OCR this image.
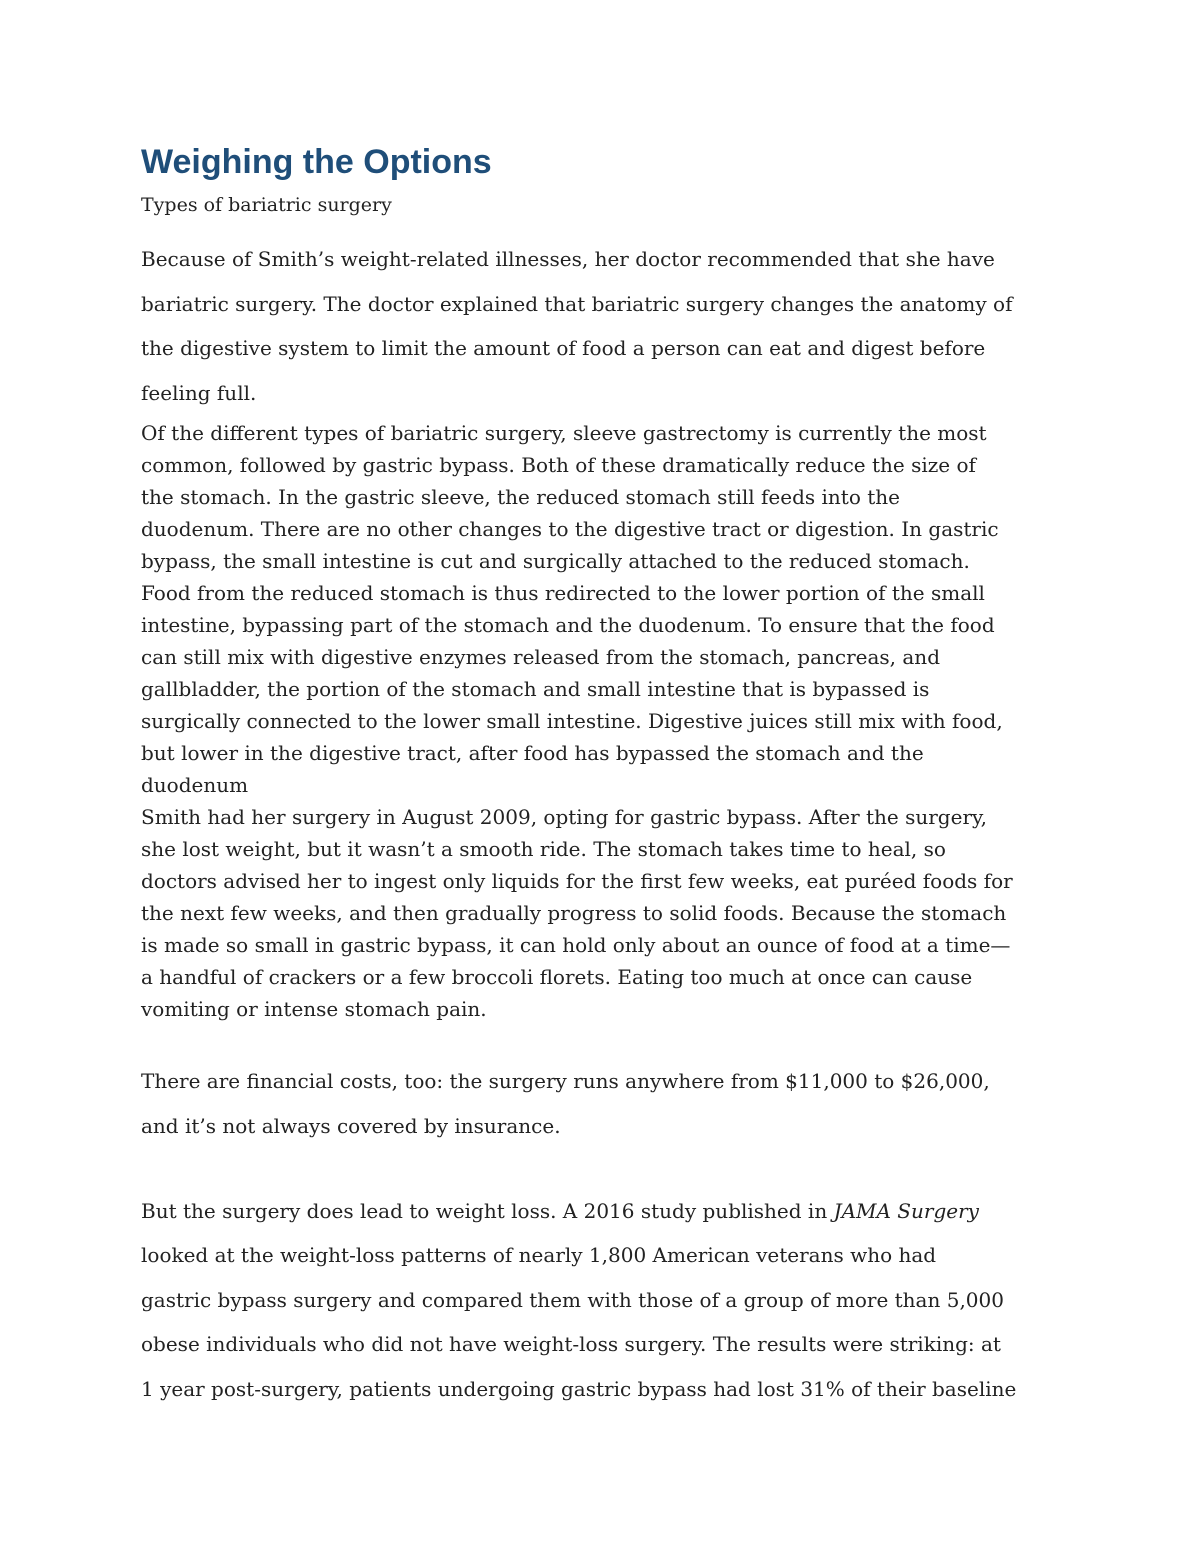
Weighing the Options
Types of bariatric surgery
Because of Smith’s weight-related illnesses, her doctor recommended that she have
bariatric surgery. The doctor explained that bariatric surgery changes the anatomy of
the digestive system to limit the amount of food a person can eat and digest before
feeling full.
Of the different types of bariatric surgery, sleeve gastrectomy is currently the most
common, followed by gastric bypass. Both of these dramatically reduce the size of
the stomach. In the gastric sleeve, the reduced stomach still feeds into the
duodenum. There are no other changes to the digestive tract or digestion. In gastric
bypass, the small intestine is cut and surgically attached to the reduced stomach.
Food from the reduced stomach is thus redirected to the lower portion of the small
intestine, bypassing part of the stomach and the duodenum. To ensure that the food
can still mix with digestive enzymes released from the stomach, pancreas, and
gallbladder, the portion of the stomach and small intestine that is bypassed is
surgically connected to the lower small intestine. Digestive juices still mix with food,
but lower in the digestive tract, after food has bypassed the stomach and the
duodenum
Smith had her surgery in August 2009, opting for gastric bypass. After the surgery,
she lost weight, but it wasn’t a smooth ride. The stomach takes time to heal, so
doctors advised her to ingest only liquids for the first few weeks, eat puréed foods for
the next few weeks, and then gradually progress to solid foods. Because the stomach
is made so small in gastric bypass, it can hold only about an ounce of food at a time—
a handful of crackers or a few broccoli florets. Eating too much at once can cause
vomiting or intense stomach pain.
There are financial costs, too: the surgery runs anywhere from $11,000 to $26,000,
and it’s not always covered by insurance.
But the surgery does lead to weight loss. A 2016 study published in JAMA Surgery
looked at the weight-loss patterns of nearly 1,800 American veterans who had
gastric bypass surgery and compared them with those of a group of more than 5,000
obese individuals who did not have weight-loss surgery. The results were striking: at
1 year post-surgery, patients undergoing gastric bypass had lost 31% of their baseline
